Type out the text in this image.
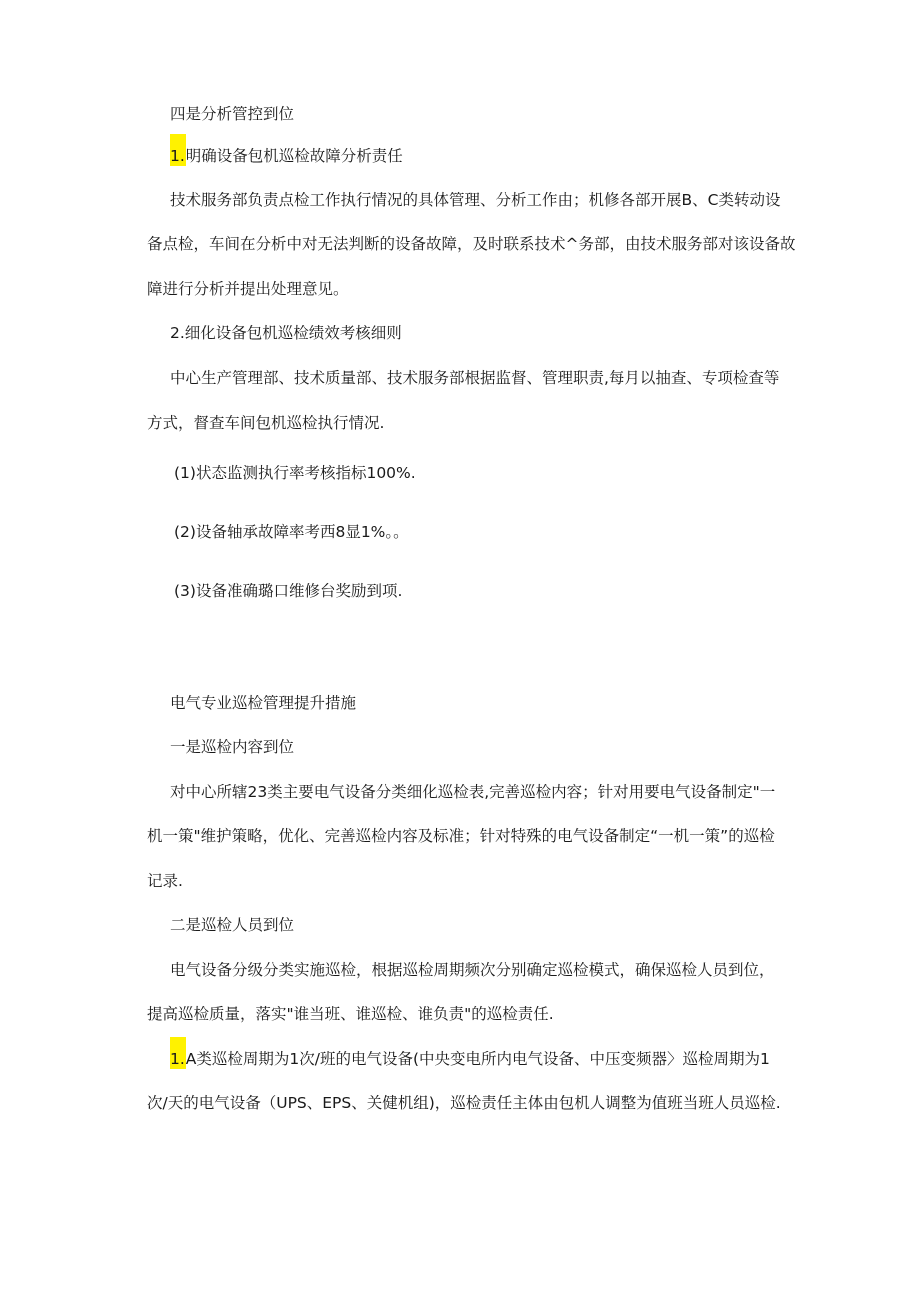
四是分析管控到位

1.明确设备包机巡检故障分析责任

技术服务部负责点检工作执行情况的具体管理、分析工作由；机修各部开展B、C类转动设

备点检，车间在分析中对无法判断的设备故障，及时联系技术^务部，由技术服务部对该设备故

障进行分析并提出处理意见。

2.细化设备包机巡检绩效考核细则

中心生产管理部、技术质量部、技术服务部根据监督、管理职责,每月以抽查、专项检查等

方式，督查车间包机巡检执行情况.

(1)状态监测执行率考核指标100%.

(2)设备轴承故障率考西8显1%。。

(3)设备准确璐口维修台奖励到项.

电气专业巡检管理提升措施

一是巡检内容到位

对中心所辖23类主要电气设备分类细化巡检表,完善巡检内容；针对用要电气设备制定"一

机一策"维护策略，优化、完善巡检内容及标准；针对特殊的电气设备制定“一机一策”的巡检

记录.

二是巡检人员到位

电气设备分级分类实施巡检，根据巡检周期频次分别确定巡检模式，确保巡检人员到位，

提高巡检质量，落实"谁当班、谁巡检、谁负责"的巡检责任.

1.A类巡检周期为1次/班的电气设备(中央变电所内电气设备、中压变频器〉巡检周期为1

次/天的电气设备（UPS、EPS、关健机组)，巡检责任主体由包机人调整为值班当班人员巡检.
